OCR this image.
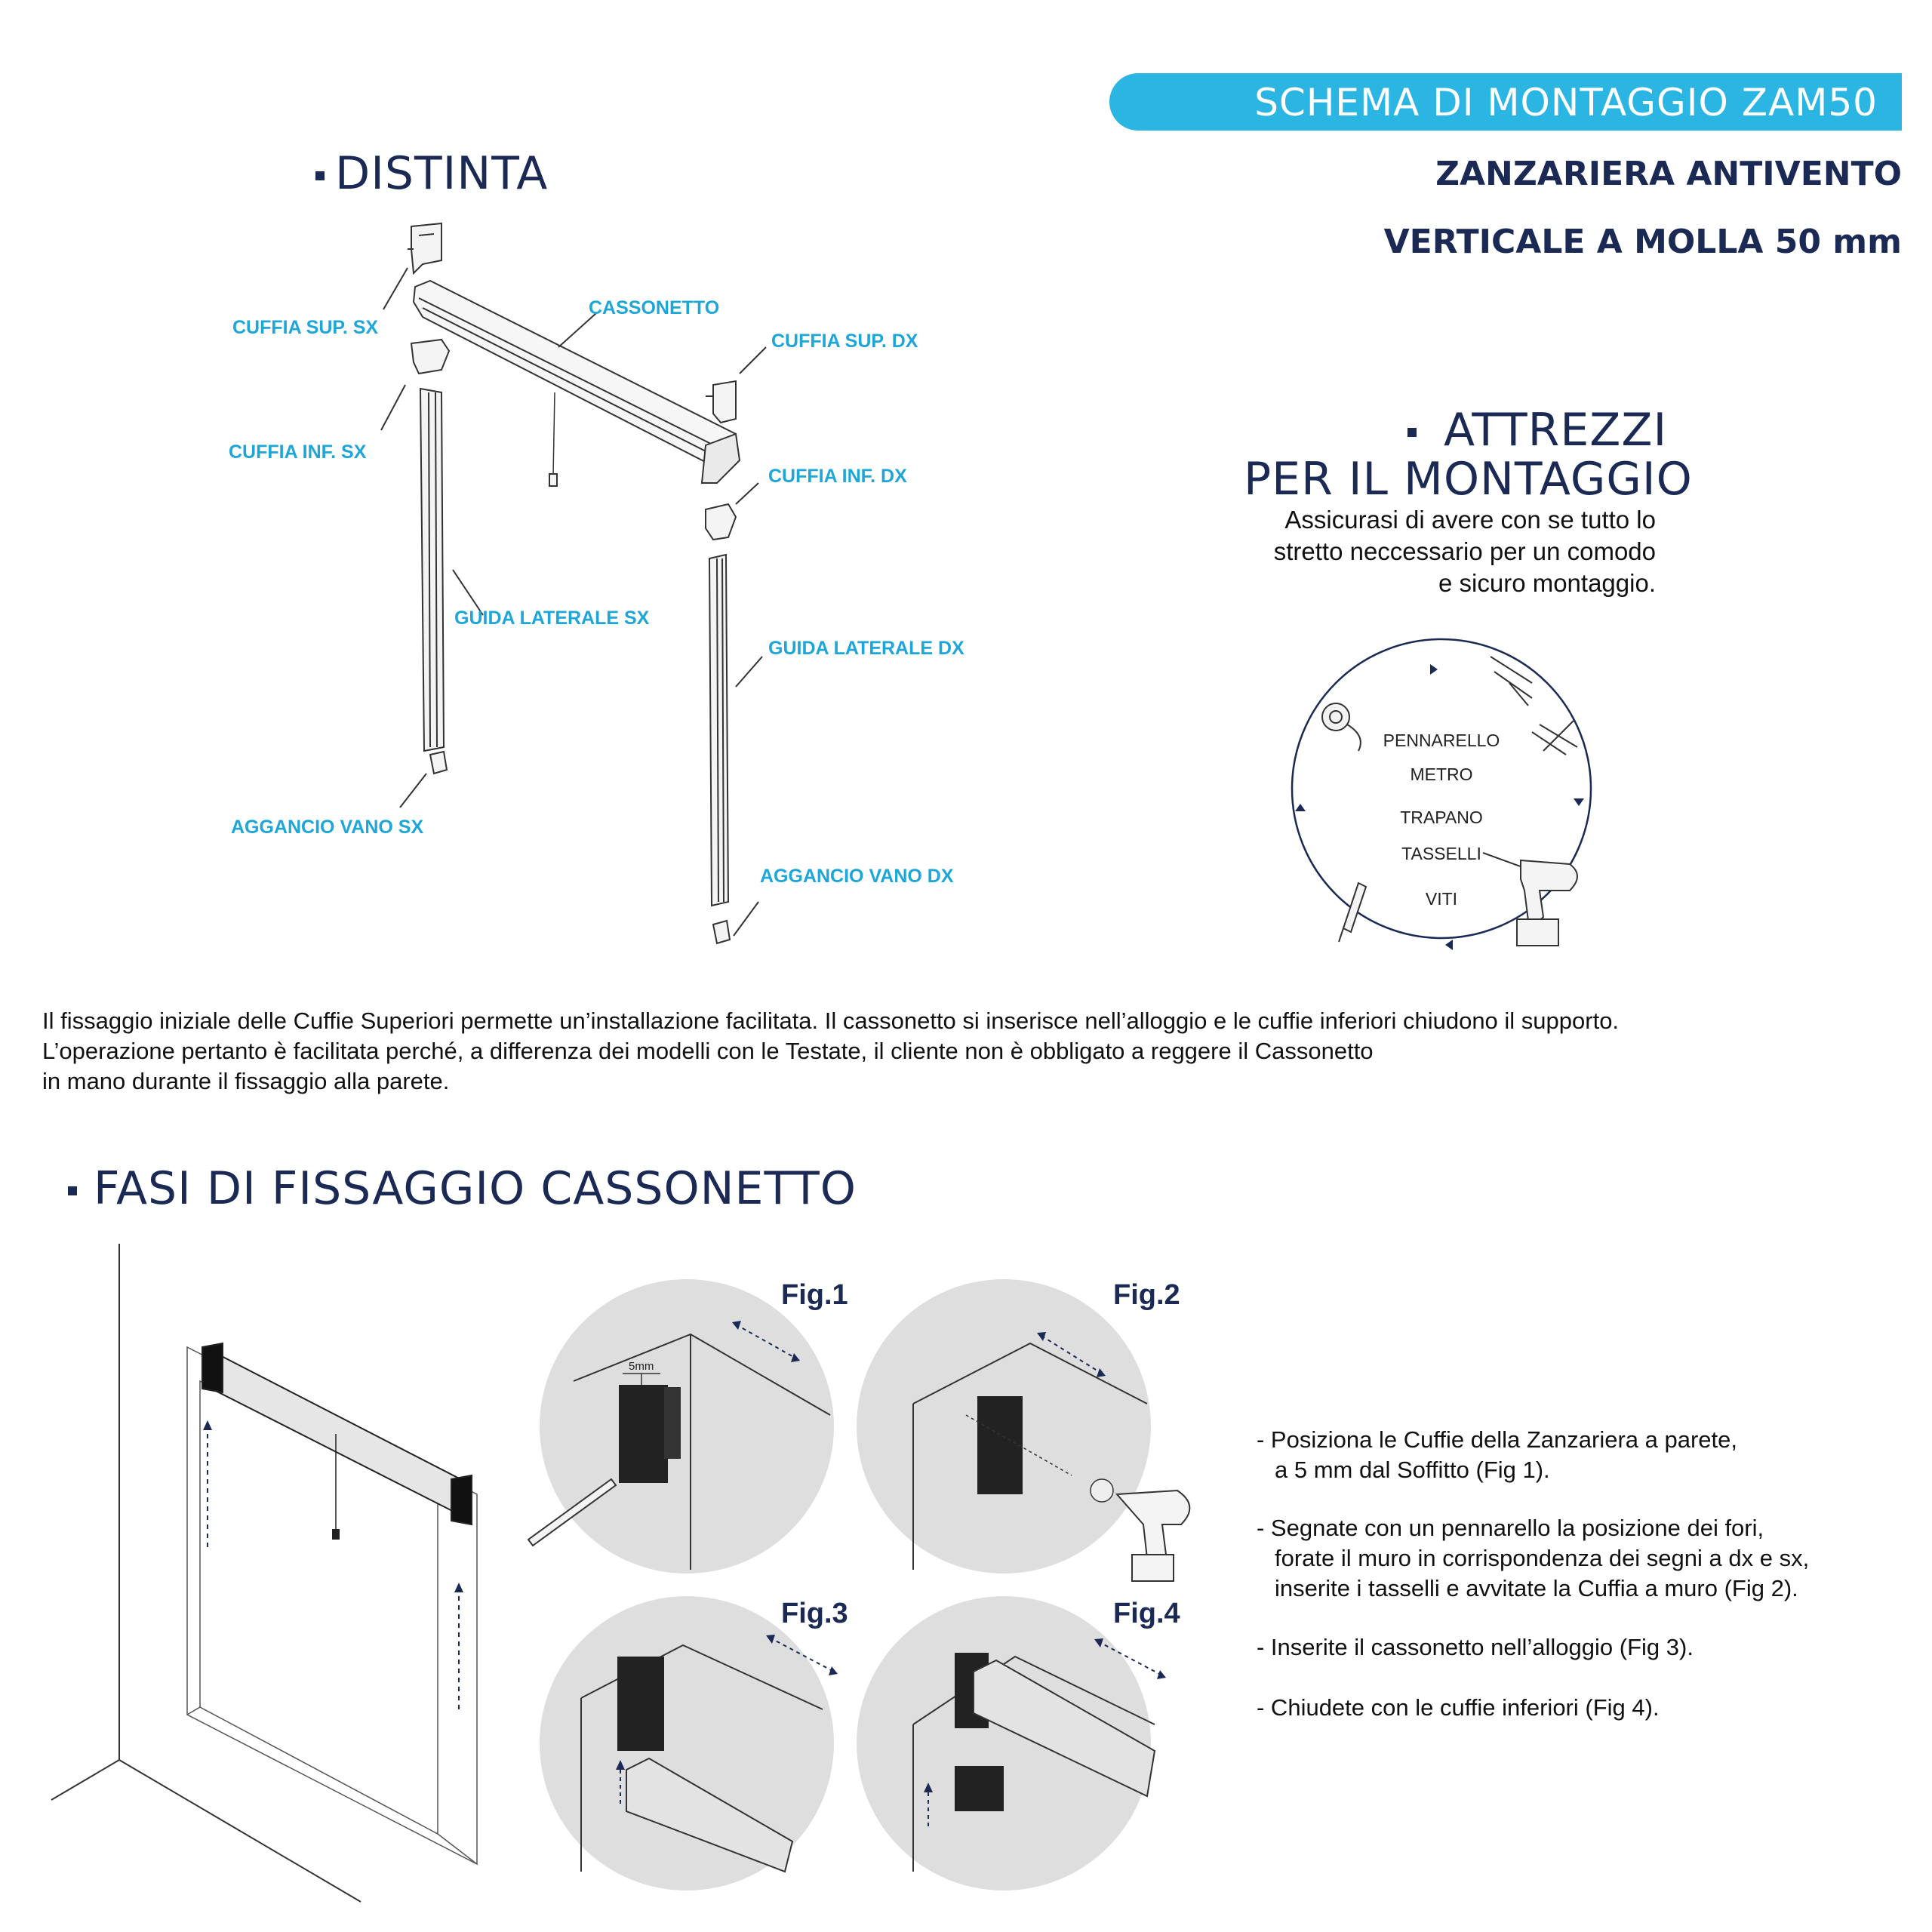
SCHEMA DI MONTAGGIO ZAM50
ZANZARIERA ANTIVENTO
VERTICALE A MOLLA 50 mm
DISTINTA
CUFFIA SUP. SX
CASSONETTO
CUFFIA SUP. DX
CUFFIA INF. SX
CUFFIA INF. DX
GUIDA LATERALE SX
GUIDA LATERALE DX
AGGANCIO VANO SX
AGGANCIO VANO DX
ATTREZZI
PER IL MONTAGGIO
Assicurasi di avere con se tutto lo
stretto neccessario per un comodo
e sicuro montaggio.
PENNARELLO
METRO
TRAPANO
TASSELLI
VITI
Il fissaggio iniziale delle Cuffie Superiori permette un’installazione facilitata. Il cassonetto si inserisce nell’alloggio e le cuffie inferiori chiudono il supporto.
L’operazione pertanto è facilitata perché, a differenza dei modelli con le Testate, il cliente non è obbligato a reggere il Cassonetto
in mano durante il fissaggio alla parete.
FASI DI FISSAGGIO CASSONETTO
Fig.1	Fig.2
Fig.3	Fig.4
5mm
- Posiziona le Cuffie della Zanzariera a parete,
a 5 mm dal Soffitto (Fig 1).
- Segnate con un pennarello la posizione dei fori,
forate il muro in corrispondenza dei segni a dx e sx,
inserite i tasselli e avvitate la Cuffia a muro (Fig 2).
- Inserite il cassonetto nell’alloggio (Fig 3).
- Chiudete con le cuffie inferiori (Fig 4).
